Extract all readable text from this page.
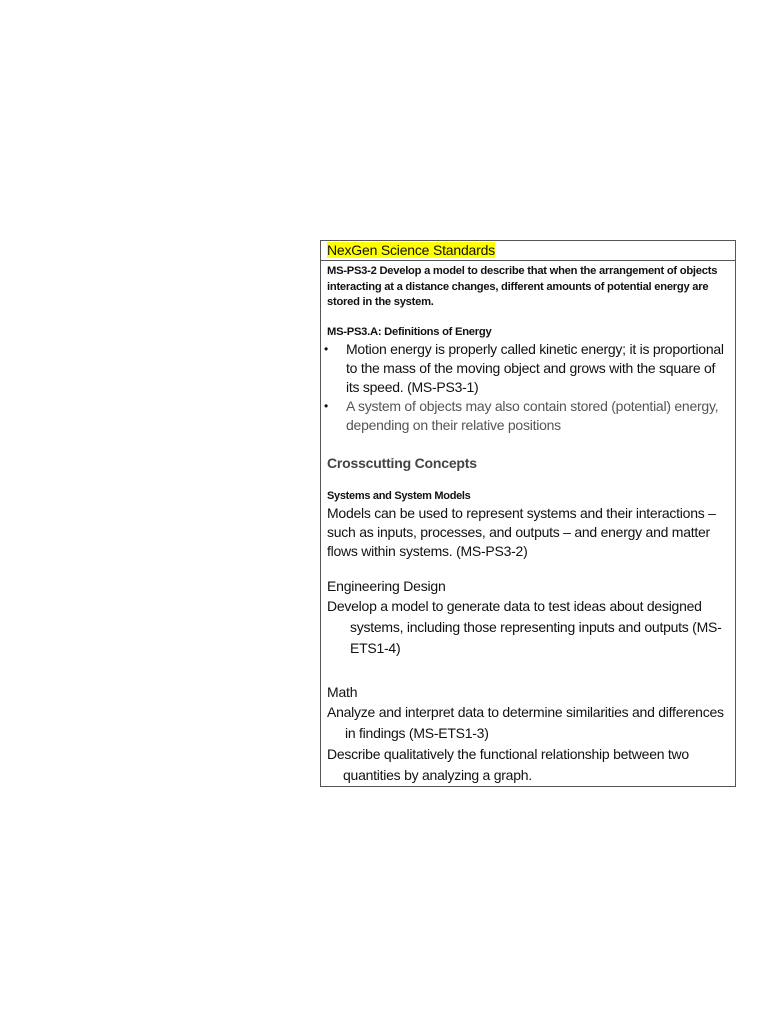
NexGen Science Standards

MS-PS3-2 Develop a model to describe that when the arrangement of objects interacting at a distance changes, different amounts of potential energy are stored in the system.

MS-PS3.A: Definitions of Energy

• Motion energy is properly called kinetic energy; it is proportional to the mass of the moving object and grows with the square of its speed. (MS-PS3-1)
• A system of objects may also contain stored (potential) energy, depending on their relative positions

Crosscutting Concepts

Systems and System Models

Models can be used to represent systems and their interactions – such as inputs, processes, and outputs – and energy and matter flows within systems. (MS-PS3-2)

Engineering Design

Develop a model to generate data to test ideas about designed systems, including those representing inputs and outputs (MS-ETS1-4)

Math

Analyze and interpret data to determine similarities and differences in findings (MS-ETS1-3)

Describe qualitatively the functional relationship between two quantities by analyzing a graph.
